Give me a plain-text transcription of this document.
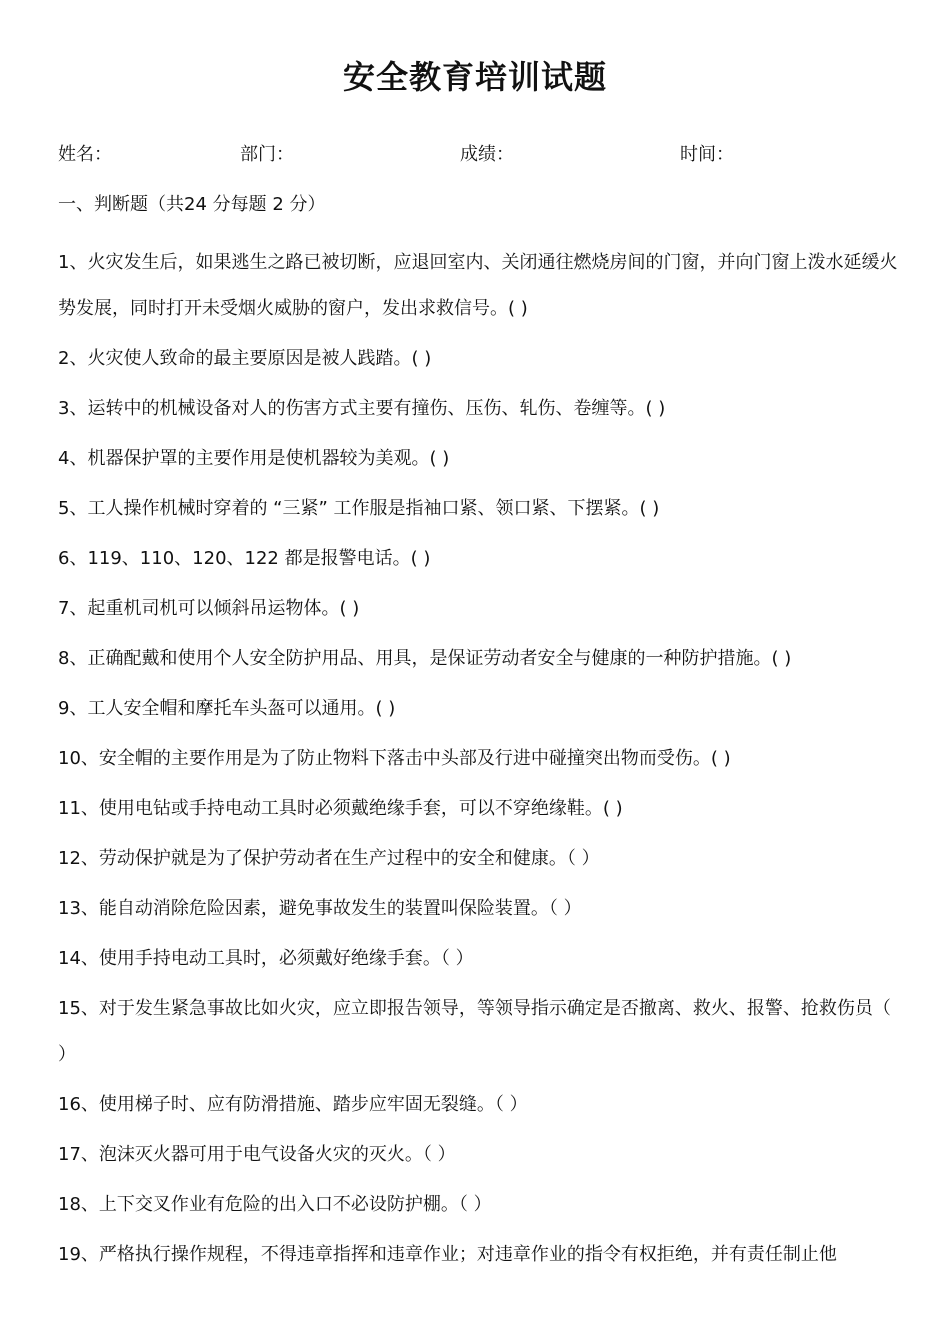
安全教育培训试题
姓名：	部门：	成绩：	时间：
一、判断题（共24 分每题 2 分）
1、火灾发生后，如果逃生之路已被切断，应退回室内、关闭通往燃烧房间的门窗，并向门窗上泼水延缓火势发展，同时打开未受烟火威胁的窗户，发出求救信号。( )
2、火灾使人致命的最主要原因是被人践踏。( )
3、运转中的机械设备对人的伤害方式主要有撞伤、压伤、轧伤、卷缠等。( )
4、机器保护罩的主要作用是使机器较为美观。( )
5、工人操作机械时穿着的 “三紧” 工作服是指袖口紧、领口紧、下摆紧。( )
6、119、110、120、122 都是报警电话。( )
7、起重机司机可以倾斜吊运物体。( )
8、正确配戴和使用个人安全防护用品、用具，是保证劳动者安全与健康的一种防护措施。( )
9、工人安全帽和摩托车头盔可以通用。( )
10、安全帽的主要作用是为了防止物料下落击中头部及行进中碰撞突出物而受伤。( )
11、使用电钻或手持电动工具时必须戴绝缘手套，可以不穿绝缘鞋。( )
12、劳动保护就是为了保护劳动者在生产过程中的安全和健康。（ ）
13、能自动消除危险因素，避免事故发生的装置叫保险装置。（ ）
14、使用手持电动工具时，必须戴好绝缘手套。（ ）
15、对于发生紧急事故比如火灾，应立即报告领导，等领导指示确定是否撤离、救火、报警、抢救伤员（ ）
16、使用梯子时、应有防滑措施、踏步应牢固无裂缝。（ ）
17、泡沫灭火器可用于电气设备火灾的灭火。（ ）
18、上下交叉作业有危险的出入口不必设防护棚。（ ）
19、严格执行操作规程，不得违章指挥和违章作业；对违章作业的指令有权拒绝，并有责任制止他
